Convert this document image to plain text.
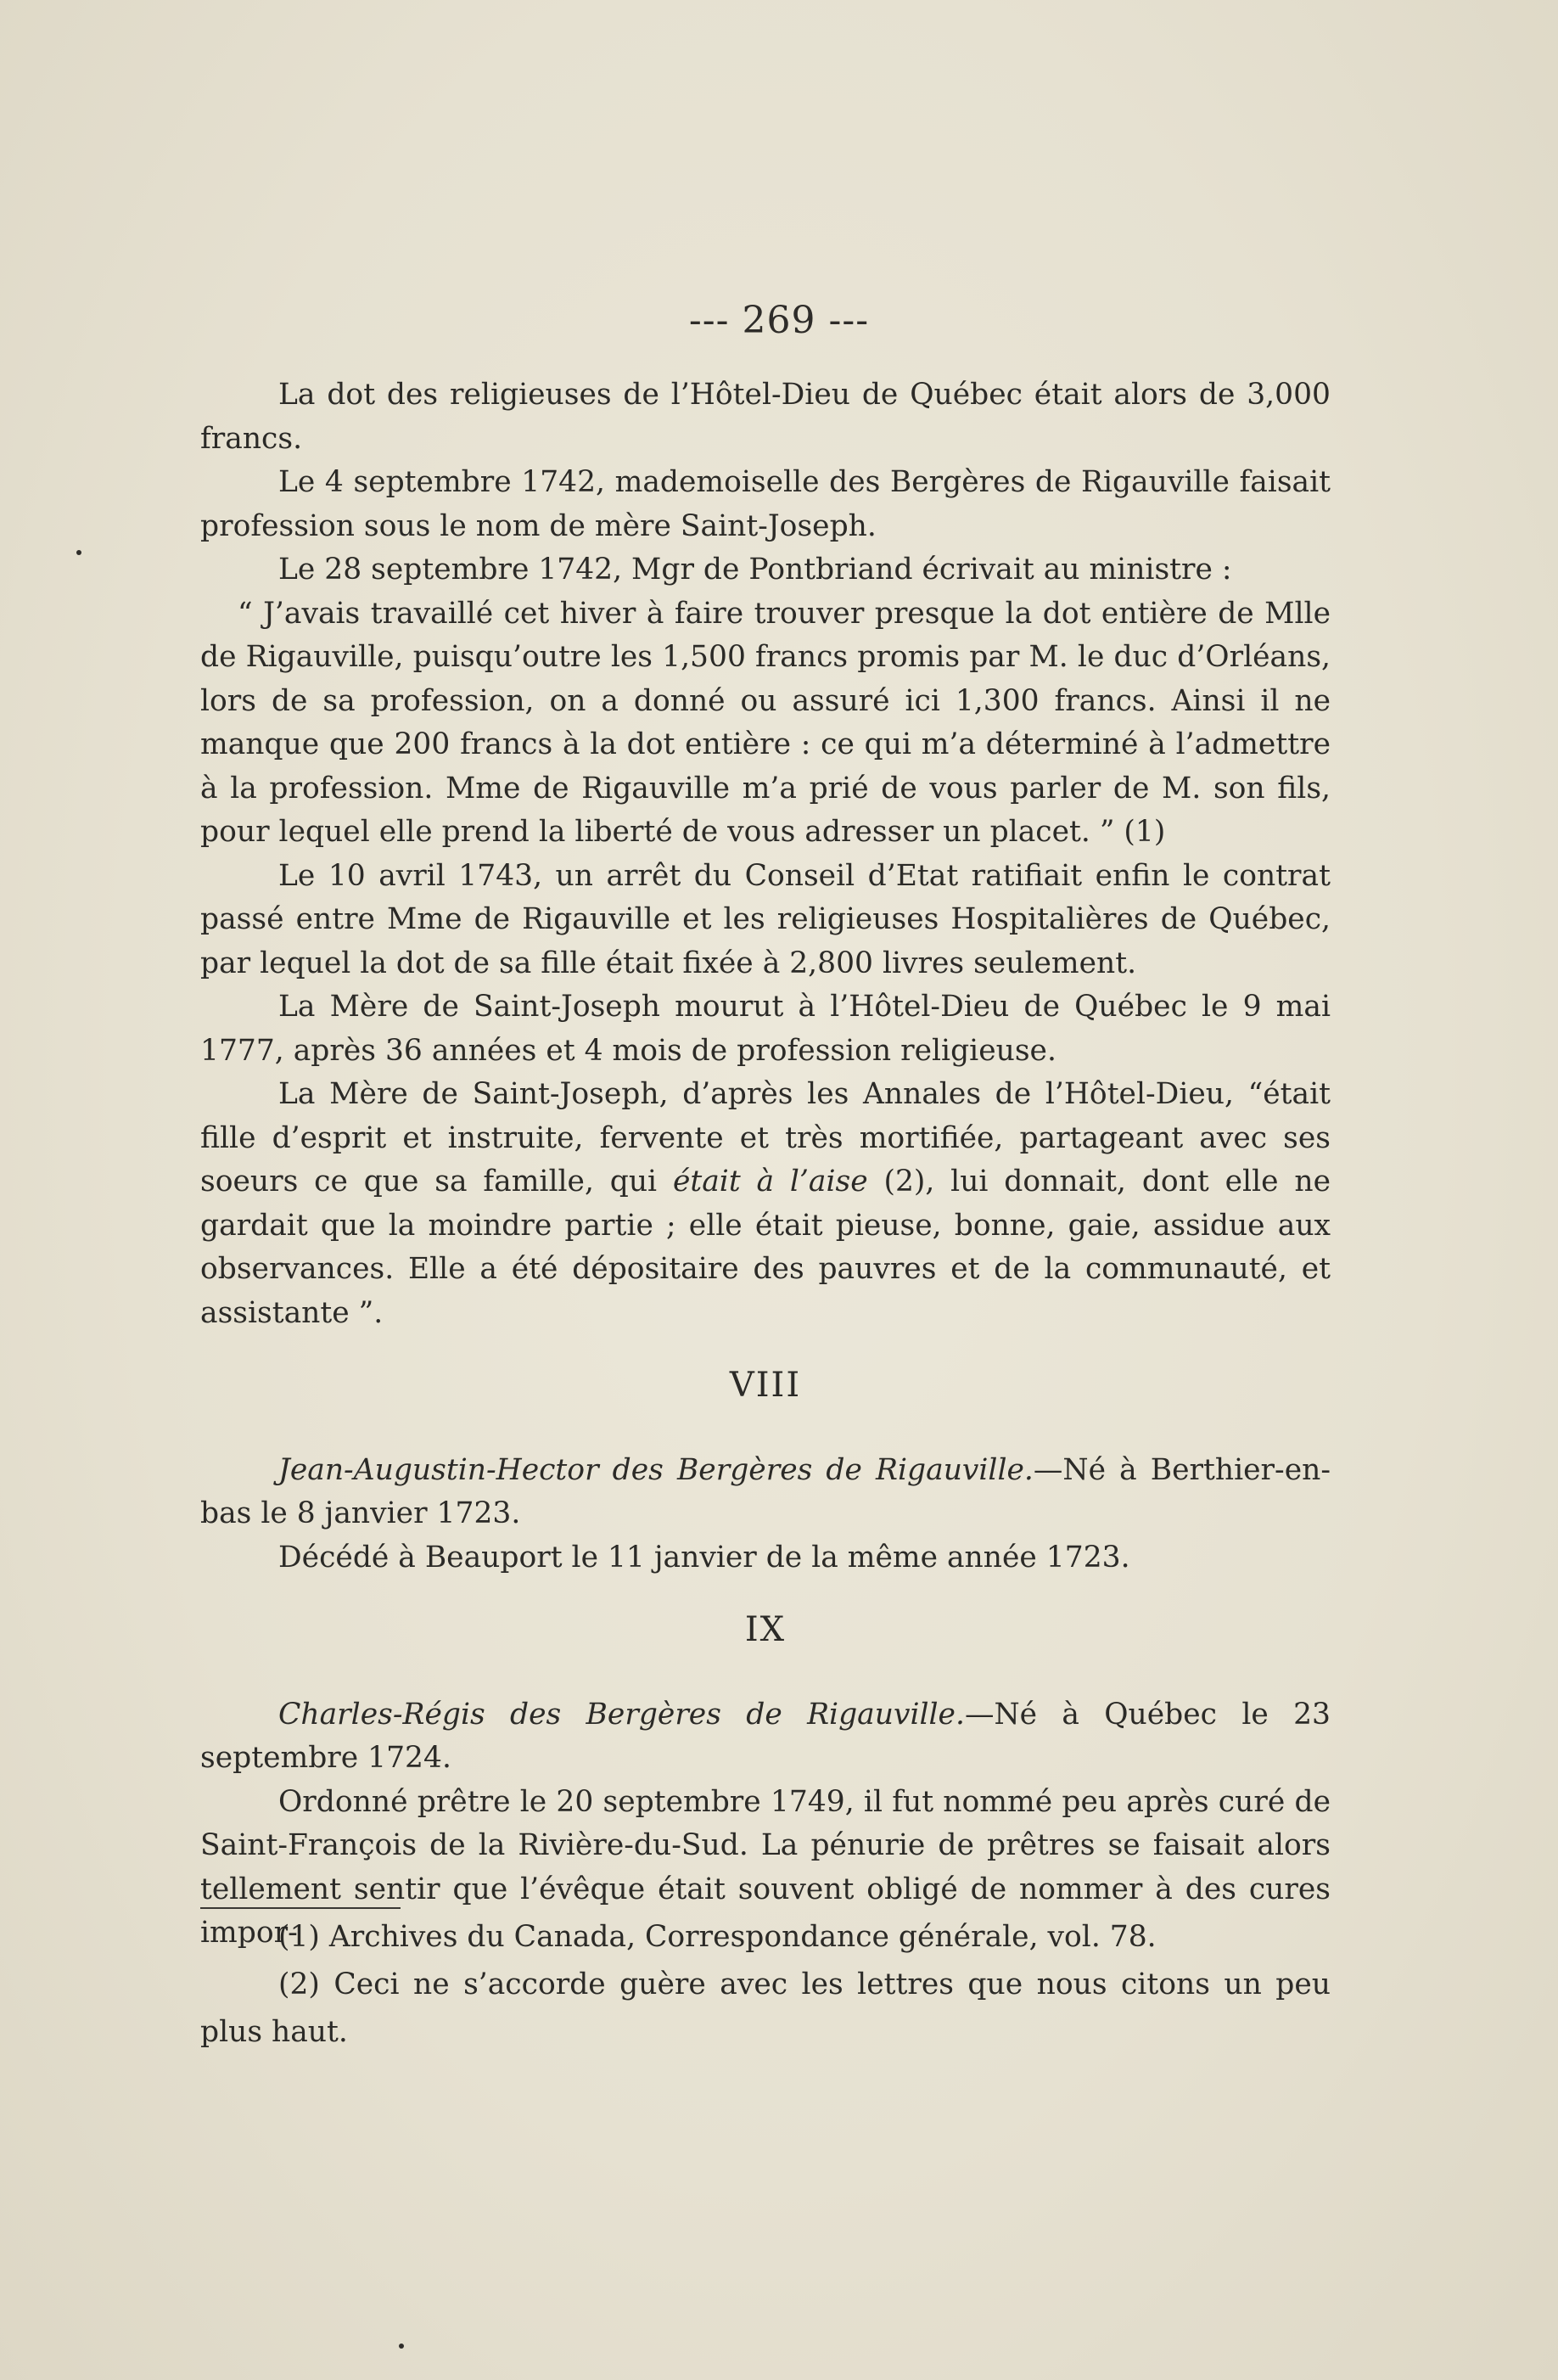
--- 269 ---

La dot des religieuses de l’Hôtel-Dieu de Québec était alors de 3,000 francs.

Le 4 septembre 1742, mademoiselle des Bergères de Rigauville faisait profession sous le nom de mère Saint-Joseph.

Le 28 septembre 1742, Mgr de Pontbriand écrivait au ministre :

“ J’avais travaillé cet hiver à faire trouver presque la dot entière de Mlle de Rigauville, puisqu’outre les 1,500 francs promis par M. le duc d’Orléans, lors de sa profession, on a donné ou assuré ici 1,300 francs. Ainsi il ne manque que 200 francs à la dot entière : ce qui m’a déterminé à l’admettre à la profession. Mme de Rigauville m’a prié de vous parler de M. son fils, pour lequel elle prend la liberté de vous adresser un placet. ” (1)

Le 10 avril 1743, un arrêt du Conseil d’Etat ratifiait enfin le contrat passé entre Mme de Rigauville et les religieuses Hospitalières de Québec, par lequel la dot de sa fille était fixée à 2,800 livres seulement.

La Mère de Saint-Joseph mourut à l’Hôtel-Dieu de Québec le 9 mai 1777, après 36 années et 4 mois de profession religieuse.

La Mère de Saint-Joseph, d’après les Annales de l’Hôtel-Dieu, “était fille d’esprit et instruite, fervente et très mortifiée, partageant avec ses soeurs ce que sa famille, qui était à l’aise (2), lui donnait, dont elle ne gardait que la moindre partie ; elle était pieuse, bonne, gaie, assidue aux observances. Elle a été dépositaire des pauvres et de la communauté, et assistante ”.

VIII

Jean-Augustin-Hector des Bergères de Rigauville.—Né à Berthier-en-bas le 8 janvier 1723.

Décédé à Beauport le 11 janvier de la même année 1723.

IX

Charles-Régis des Bergères de Rigauville.—Né à Québec le 23 septembre 1724.

Ordonné prêtre le 20 septembre 1749, il fut nommé peu après curé de Saint-François de la Rivière-du-Sud. La pénurie de prêtres se faisait alors tellement sentir que l’évêque était souvent obligé de nommer à des cures impor-

(1) Archives du Canada, Correspondance générale, vol. 78.

(2) Ceci ne s’accorde guère avec les lettres que nous citons un peu plus haut.
